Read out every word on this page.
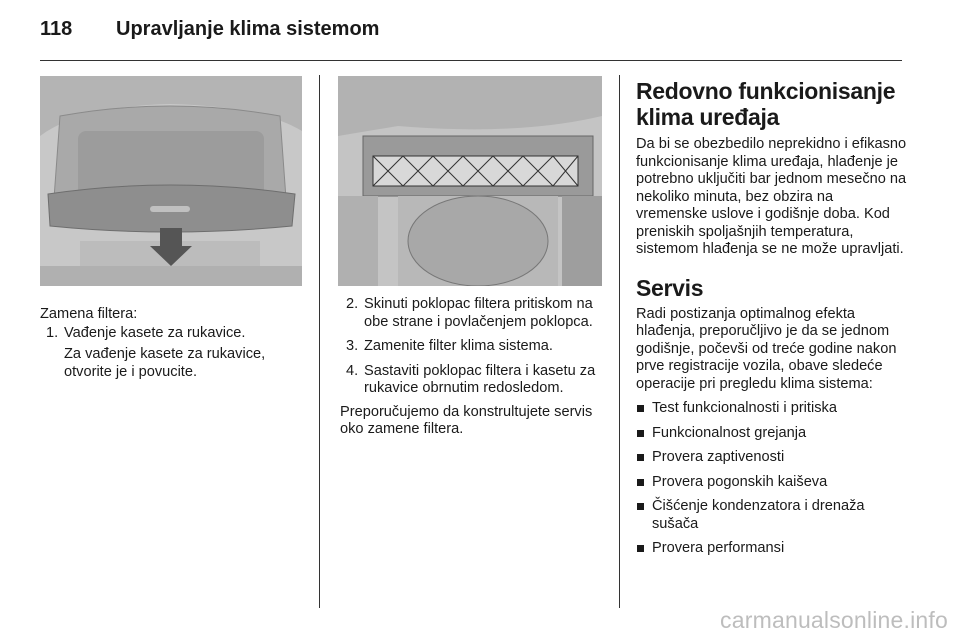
118 Upravljanje klima sistemom

Zamena filtera:

1. Vađenje kasete za rukavice.

Za vađenje kasete za rukavice, otvorite je i povucite.

2. Skinuti poklopac filtera pritiskom na obe strane i povlačenjem poklopca.
3. Zamenite filter klima sistema.
4. Sastaviti poklopac filtera i kasetu za rukavice obrnutim redosledom.

Preporučujemo da konstrultujete servis oko zamene filtera.

Redovno funkcionisanje klima uređaja

Da bi se obezbedilo neprekidno i efikasno funkcionisanje klima uređaja, hlađenje je potrebno uključiti bar jednom mesečno na nekoliko minuta, bez obzira na vremenske uslove i godišnje doba. Kod preniskih spoljašnjih temperatura, sistemom hlađenja se ne može upravljati.

Servis

Radi postizanja optimalnog efekta hlađenja, preporučljivo je da se jednom godišnje, počevši od treće godine nakon prve registracije vozila, obave sledeće operacije pri pregledu klima sistema:

Test funkcionalnosti i pritiska
Funkcionalnost grejanja
Provera zaptivenosti
Provera pogonskih kaiševa
Čišćenje kondenzatora i drenaža sušača
Provera performansi
carmanualsonline.info
